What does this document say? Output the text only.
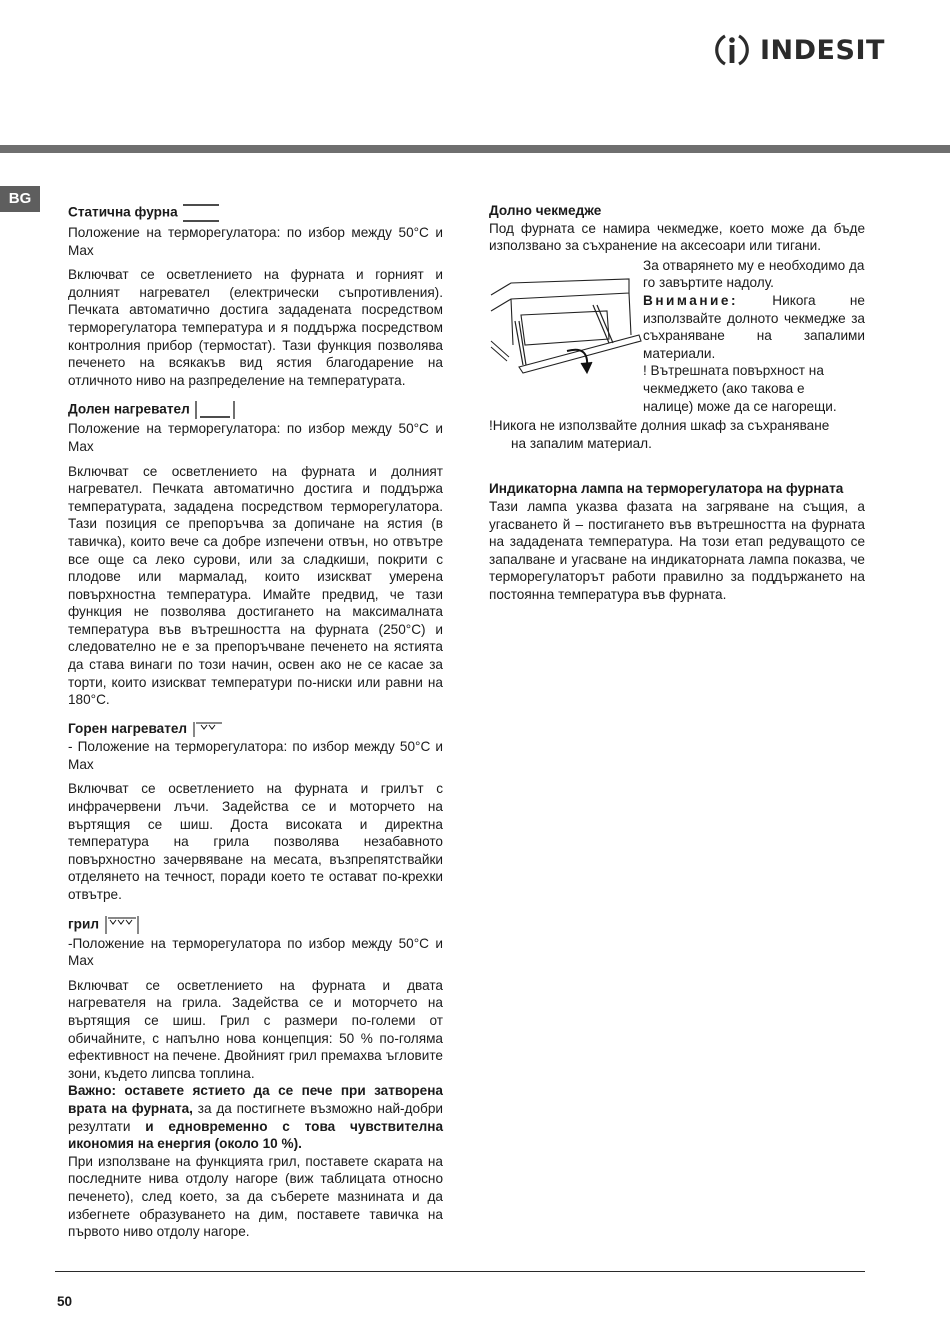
INDESIT
BG
Статична фурна

Положение на терморегулатора: по избор между 50°C и Max

Включват се осветлението на фурната и горният и долният нагревател (електрически съпротивления). Печката автоматично достига зададената посредством терморегулатора температура и я поддържа посредством контролния прибор (термостат). Тази функция позволява печенето на всякакъв вид ястия благодарение на отличното ниво на разпределение на температурата.

Долен нагревател

Положение на терморегулатора: по избор между 50°C и Max

Включват се осветлението на фурната и долният нагревател. Печката автоматично достига и поддържа температурата, зададена посредством терморегулатора. Тази позиция се препоръчва за допичане на ястия (в тавичка), които вече са добре изпечени отвън, но отвътре все още са леко сурови, или за сладкиши, покрити с плодове или мармалад, които изискват умерена повърхностна температура. Имайте предвид, че тази функция не позволява достигането на максималната температура във вътрешността на фурната (250°C) и следователно не е за препоръчване печенето на ястията да става винаги по този начин, освен ако не се касае за торти, които изискват температури по-ниски или равни на 180°C.

Горен нагревател

- Положение на терморегулатора: по избор между 50°C и Max

Включват се осветлението на фурната и грилът с инфрачервени лъчи. Задейства се и моторчето на въртящия се шиш. Доста високата и директна температура на грила позволява незабавното повърхностно зачервяване на месата, възпрепятствайки отделянето на течност, поради което те остават по-крехки отвътре.

грил

-Положение на терморегулатора по избор между 50°C и Max

Включват се осветлението на фурната и двата нагревателя на грила. Задейства се и моторчето на въртящия се шиш. Грил с размери по-големи от обичайните, с напълно нова концепция: 50 % по-голяма ефективност на печене. Двойният грил премахва ъгловите зони, където липсва топлина.

Важно: оставете ястието да се пече при затворена врата на фурната, за да постигнете възможно най-добри резултати и едновременно с това чувствителна икономия на енергия (около 10 %).

При използване на функцията грил, поставете скарата на последните нива отдолу нагоре (виж таблицата относно печенето), след което, за да съберете мазнината и да избегнете образуването на дим, поставете тавичка на първото ниво отдолу нагоре.

Долно чекмедже

Под фурната се намира чекмедже, което може да бъде използвано за съхранение на аксесоари или тигани.

За отварянето му е необходимо да го завъртите надолу.

Внимание: Никога не използвайте долното чекмедже за съхраняване на запалими материали.

! Вътрешната повърхност на чекмеджето (ако такова е налице) може да се нагорещи.

!Никога не използвайте долния шкаф за съхраняване
на запалим материал.

Индикаторна лампа на терморегулатора на фурната

Тази лампа указва фазата на загряване на същия, а угасването й – постигането във вътрешността на фурната на зададената температура. На този етап редуващото се запалване и угасване на индикаторната лампа показва, че терморегулаторът работи правилно за поддържането на постоянна температура във фурната.

50
